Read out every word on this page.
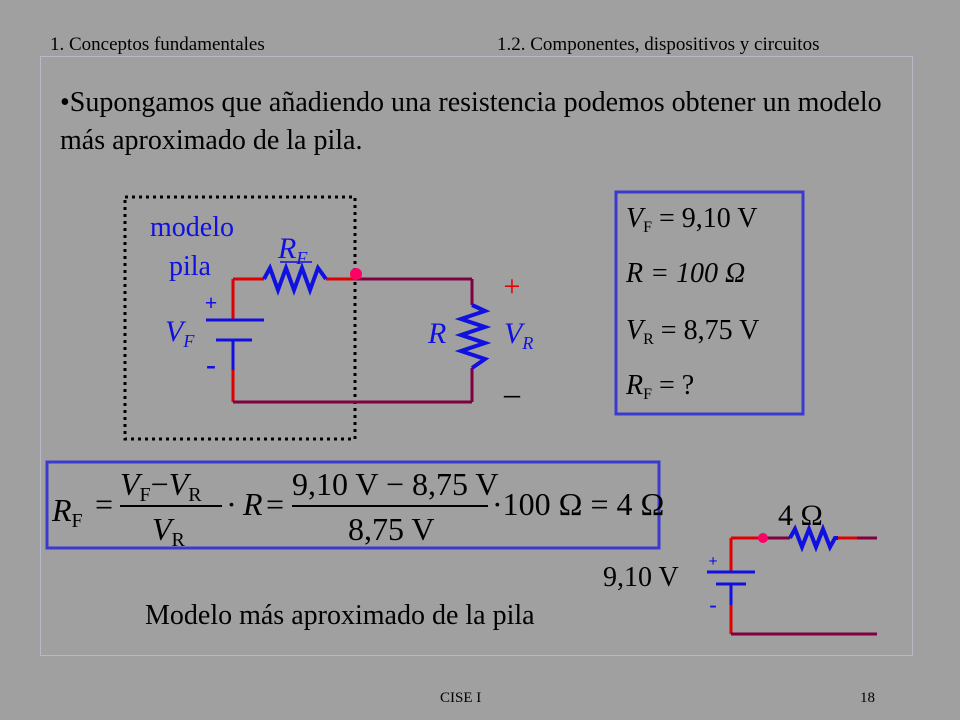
1. Conceptos fundamentales	1.2. Componentes, dispositivos y circuitos
•Supongamos que añadiendo una resistencia podemos obtener un modelo más aproximado de la pila.
modelo
pila
$R_F$
+
-
$V_F$	R
+
$V_R$
–
VF = 9,10 V
R = 100 Ω
VR = 8,75 V
RF = ?
RF =
VF−VR
VR
· R =
9,10 V − 8,75 V
8,75 V
·100 Ω = 4 Ω
+
-
4 Ω
9,10 V
Modelo más aproximado de la pila
CISE I	18
